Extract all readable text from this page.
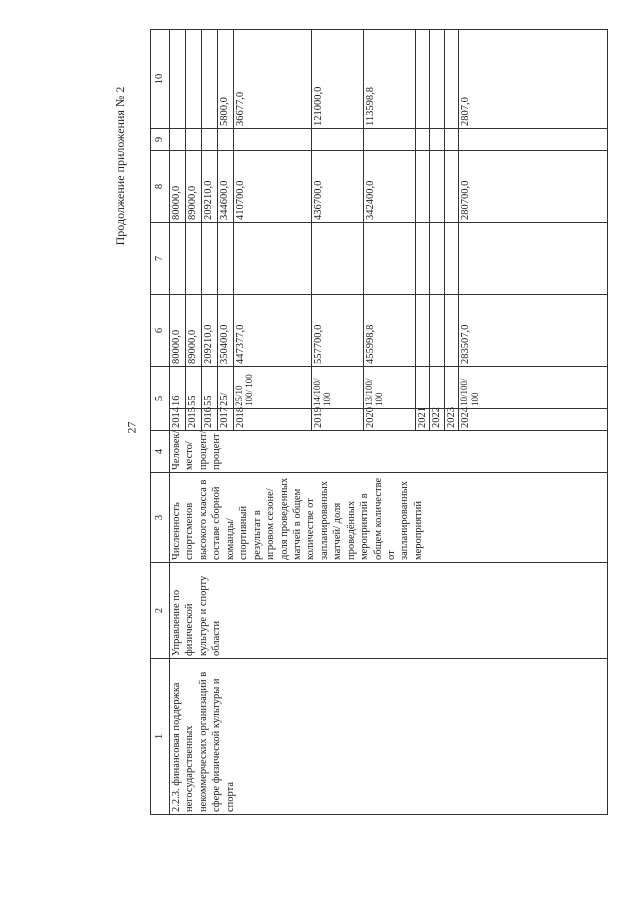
27
Продолжение приложения № 2
1	2	3	4	5		6	7	8	9	10
2.2.3. финансовая поддержка негосударственных некоммерческих организаций в сфере физической культуры и спорта	Управление по физической культуре и спорту области	Численность спортсменов высокого класса в составе сборной команды/ спортивный результат в игровом сезоне/ доля проведенных матчей в общем количестве от запланированных матчей/ доля проведённых мероприятий в общем количестве от запланированных мероприятий	Человек/ место/ процент/ процент	2014	16	80000,0		80000,0		
				2015	55	89000,0		89000,0		
				2016	55	209210,0		209210,0		
				2017	25/	350400,0		344600,0		5800,0
				2018	25/10 100/ 100	447377,0		410700,0		36677,0
				2019	14/100/ 100	557700,0		436700,0		121000,0
				2020	13/100/ 100	455998,8		342400,0		113598,8
				2021						
				2022						
				2023						
				2024	10/100/ 100	283507,0		280700,0		2807,0
